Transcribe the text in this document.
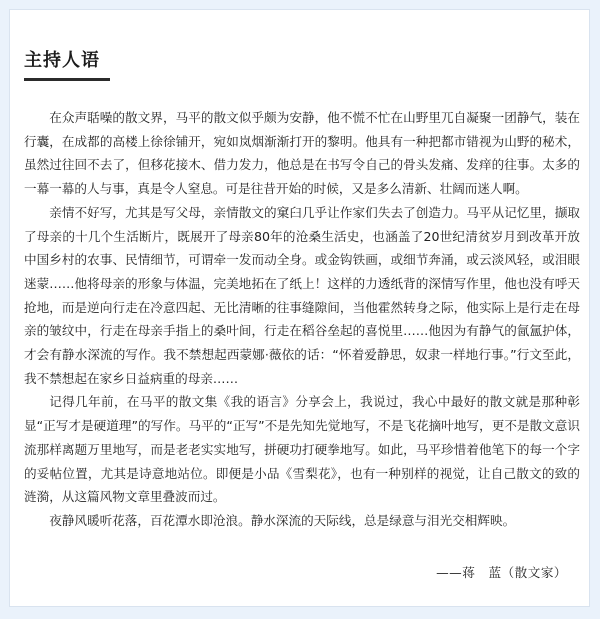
主持人语

在众声聒噪的散文界，马平的散文似乎颇为安静，他不慌不忙在山野里兀自凝聚一团静气，装在行囊，在成都的高楼上徐徐铺开，宛如岚烟渐渐打开的黎明。他具有一种把都市错视为山野的秘术，虽然过往回不去了，但移花接木、借力发力，他总是在书写令自己的骨头发痛、发痒的往事。太多的一幕一幕的人与事，真是令人窒息。可是往昔开始的时候，又是多么清新、壮阔而迷人啊。

亲情不好写，尤其是写父母，亲情散文的窠臼几乎让作家们失去了创造力。马平从记忆里，撷取了母亲的十几个生活断片，既展开了母亲80年的沧桑生活史，也涵盖了20世纪清贫岁月到改革开放中国乡村的农事、民情细节，可谓牵一发而动全身。或金钩铁画，或细节奔涌，或云淡风轻，或泪眼迷蒙……他将母亲的形象与体温，完美地拓在了纸上！这样的力透纸背的深情写作里，他也没有呼天抢地，而是逆向行走在冷意四起、无比清晰的往事缝隙间，当他霍然转身之际，他实际上是行走在母亲的皱纹中，行走在母亲手指上的桑叶间，行走在稻谷垒起的喜悦里……他因为有静气的氤氲护体，才会有静水深流的写作。我不禁想起西蒙娜·薇依的话：“怀着爱静思，奴隶一样地行事。”行文至此，我不禁想起在家乡日益病重的母亲……

记得几年前，在马平的散文集《我的语言》分享会上，我说过，我心中最好的散文就是那种彰显“正写才是硬道理”的写作。马平的“正写”不是先知先觉地写，不是飞花摘叶地写，更不是散文意识流那样离题万里地写，而是老老实实地写，拼硬功打硬拳地写。如此，马平珍惜着他笔下的每一个字的妥帖位置，尤其是诗意地站位。即便是小品《雪梨花》，也有一种别样的视觉，让自己散文的致的涟漪，从这篇风物文章里叠波而过。

夜静风暖听花落，百花潭水即沧浪。静水深流的天际线，总是绿意与泪光交相辉映。

——蒋　蓝（散文家）
